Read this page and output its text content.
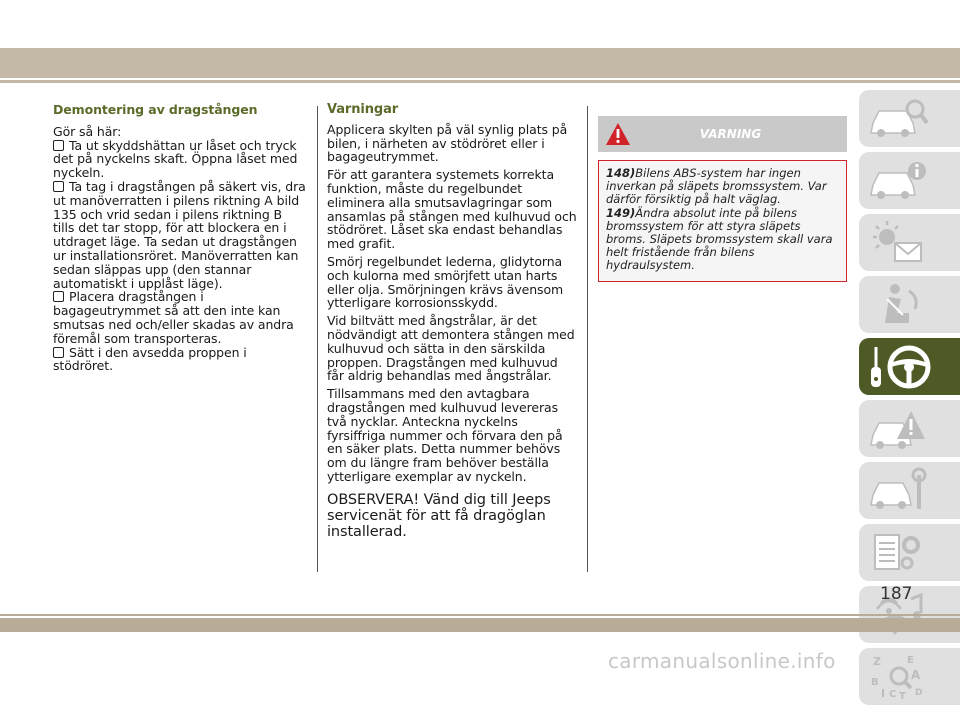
Demontering av dragstången

Gör så här:

Ta ut skyddshättan ur låset och tryck det på nyckelns skaft. Öppna låset med nyckeln.

Ta tag i dragstången på säkert vis, dra ut manöverratten i pilens riktning A bild 135 och vrid sedan i pilens riktning B tills det tar stopp, för att blockera en i utdraget läge. Ta sedan ut dragstången ur installationsröret. Manöverratten kan sedan släppas upp (den stannar automatiskt i upplåst läge).

Placera dragstången i bagageutrymmet så att den inte kan smutsas ned och/eller skadas av andra föremål som transporteras.

Sätt i den avsedda proppen i stödröret.

Varningar

Applicera skylten på väl synlig plats på bilen, i närheten av stödröret eller i bagageutrymmet.

För att garantera systemets korrekta funktion, måste du regelbundet eliminera alla smutsavlagringar som ansamlas på stången med kulhuvud och stödröret. Låset ska endast behandlas med grafit.

Smörj regelbundet lederna, glidytorna och kulorna med smörjfett utan harts eller olja. Smörjningen krävs ävensom ytterligare korrosionsskydd.

Vid biltvätt med ångstrålar, är det nödvändigt att demontera stången med kulhuvud och sätta in den särskilda proppen. Dragstången med kulhuvud får aldrig behandlas med ångstrålar.

Tillsammans med den avtagbara dragstången med kulhuvud levereras två nycklar. Anteckna nyckelns fyrsiffriga nummer och förvara den på en säker plats. Detta nummer behövs om du längre fram behöver beställa ytterligare exemplar av nyckeln.

OBSERVERA! Vänd dig till Jeeps servicenät för att få dragöglan installerad.

VARNING
148)Bilens ABS-system har ingen inverkan på släpets bromssystem. Var därför försiktig på halt väglag.
149)Ändra absolut inte på bilens bromssystem för att styra släpets broms. Släpets bromssystem skall vara helt fristående från bilens hydraulsystem.
Z	E
B
A
I C T D
187
carmanualsonline.info
